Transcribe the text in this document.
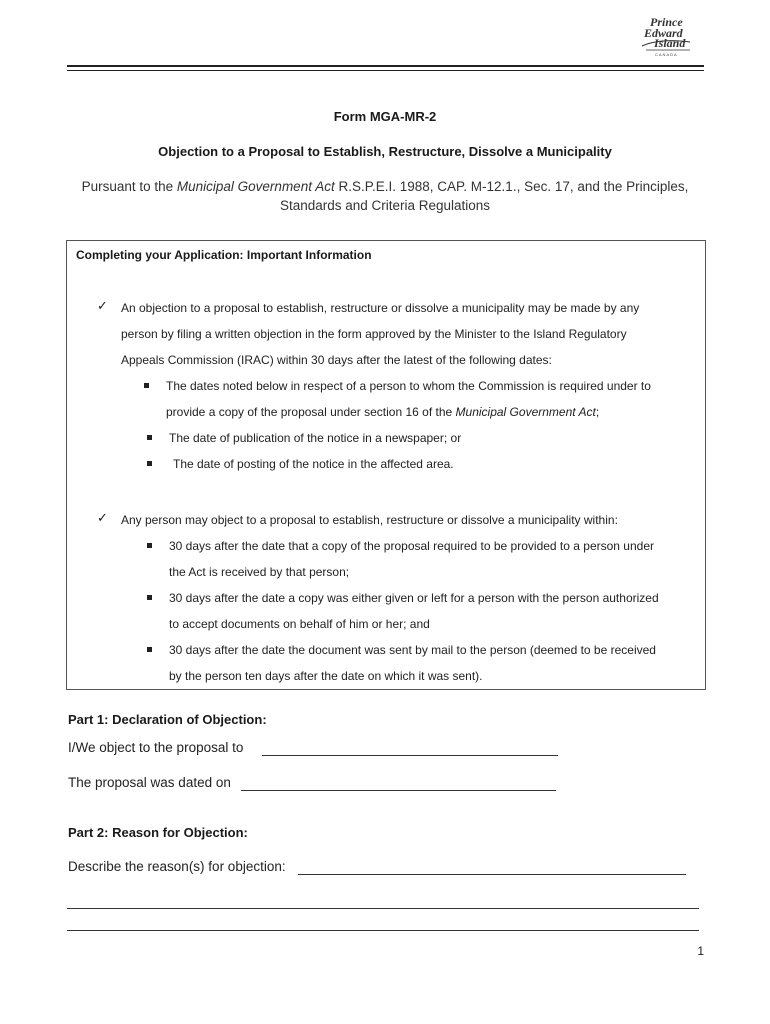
Prince
Edward
Island
CANADA
Form MGA-MR-2
Objection to a Proposal to Establish, Restructure, Dissolve a Municipality
Pursuant to the Municipal Government Act R.S.P.E.I. 1988, CAP. M-12.1., Sec. 17, and the Principles,
Standards and Criteria Regulations
Completing your Application: Important Information
✓ An objection to a proposal to establish, restructure or dissolve a municipality may be made by any
person by filing a written objection in the form approved by the Minister to the Island Regulatory
Appeals Commission (IRAC) within 30 days after the latest of the following dates:
The dates noted below in respect of a person to whom the Commission is required under to
provide a copy of the proposal under section 16 of the Municipal Government Act;
The date of publication of the notice in a newspaper; or
The date of posting of the notice in the affected area.
✓ Any person may object to a proposal to establish, restructure or dissolve a municipality within:
30 days after the date that a copy of the proposal required to be provided to a person under
the Act is received by that person;
30 days after the date a copy was either given or left for a person with the person authorized
to accept documents on behalf of him or her; and
30 days after the date the document was sent by mail to the person (deemed to be received
by the person ten days after the date on which it was sent).
Part 1: Declaration of Objection:
I/We object to the proposal to
The proposal was dated on
Part 2: Reason for Objection:
Describe the reason(s) for objection:
1
